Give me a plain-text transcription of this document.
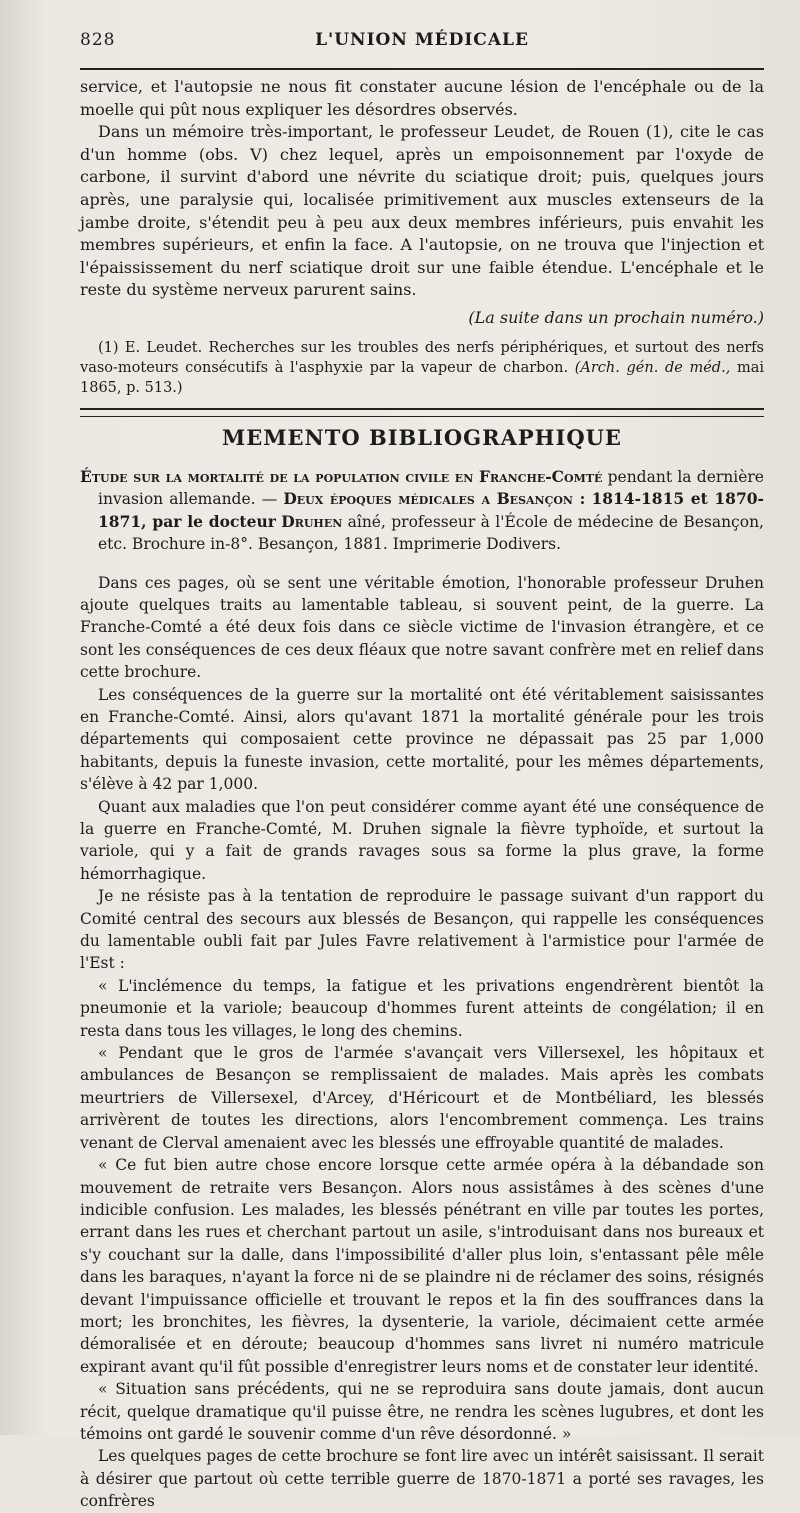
828	L'UNION MÉDICALE

service, et l'autopsie ne nous fit constater aucune lésion de l'encéphale ou de la moelle qui pût nous expliquer les désordres observés.

Dans un mémoire très-important, le professeur Leudet, de Rouen (1), cite le cas d'un homme (obs. V) chez lequel, après un empoisonnement par l'oxyde de carbone, il survint d'abord une névrite du sciatique droit; puis, quelques jours après, une paralysie qui, localisée primitivement aux muscles extenseurs de la jambe droite, s'étendit peu à peu aux deux membres inférieurs, puis envahit les membres supérieurs, et enfin la face. A l'autopsie, on ne trouva que l'injection et l'épaississement du nerf sciatique droit sur une faible étendue. L'encéphale et le reste du système nerveux parurent sains.

(La suite dans un prochain numéro.)

(1) E. Leudet. Recherches sur les troubles des nerfs périphériques, et surtout des nerfs vaso-moteurs consécutifs à l'asphyxie par la vapeur de charbon. (Arch. gén. de méd., mai 1865, p. 513.)

MEMENTO BIBLIOGRAPHIQUE

Étude sur la mortalité de la population civile en Franche-Comté pendant la dernière invasion allemande. — Deux époques médicales a Besançon : 1814-1815 et 1870-1871, par le docteur Druhen aîné, professeur à l'École de médecine de Besançon, etc. Brochure in-8°. Besançon, 1881. Imprimerie Dodivers.

Dans ces pages, où se sent une véritable émotion, l'honorable professeur Druhen ajoute quelques traits au lamentable tableau, si souvent peint, de la guerre. La Franche-Comté a été deux fois dans ce siècle victime de l'invasion étrangère, et ce sont les conséquences de ces deux fléaux que notre savant confrère met en relief dans cette brochure.

Les conséquences de la guerre sur la mortalité ont été véritablement saisissantes en Franche-Comté. Ainsi, alors qu'avant 1871 la mortalité générale pour les trois départements qui composaient cette province ne dépassait pas 25 par 1,000 habitants, depuis la funeste invasion, cette mortalité, pour les mêmes départements, s'élève à 42 par 1,000.

Quant aux maladies que l'on peut considérer comme ayant été une conséquence de la guerre en Franche-Comté, M. Druhen signale la fièvre typhoïde, et surtout la variole, qui y a fait de grands ravages sous sa forme la plus grave, la forme hémorrhagique.

Je ne résiste pas à la tentation de reproduire le passage suivant d'un rapport du Comité central des secours aux blessés de Besançon, qui rappelle les conséquences du lamentable oubli fait par Jules Favre relativement à l'armistice pour l'armée de l'Est :

« L'inclémence du temps, la fatigue et les privations engendrèrent bientôt la pneumonie et la variole; beaucoup d'hommes furent atteints de congélation; il en resta dans tous les villages, le long des chemins.

« Pendant que le gros de l'armée s'avançait vers Villersexel, les hôpitaux et ambulances de Besançon se remplissaient de malades. Mais après les combats meurtriers de Villersexel, d'Arcey, d'Héricourt et de Montbéliard, les blessés arrivèrent de toutes les directions, alors l'encombrement commença. Les trains venant de Clerval amenaient avec les blessés une effroyable quantité de malades.

« Ce fut bien autre chose encore lorsque cette armée opéra à la débandade son mouvement de retraite vers Besançon. Alors nous assistâmes à des scènes d'une indicible confusion. Les malades, les blessés pénétrant en ville par toutes les portes, errant dans les rues et cherchant partout un asile, s'introduisant dans nos bureaux et s'y couchant sur la dalle, dans l'impossibilité d'aller plus loin, s'entassant pêle mêle dans les baraques, n'ayant la force ni de se plaindre ni de réclamer des soins, résignés devant l'impuissance officielle et trouvant le repos et la fin des souffrances dans la mort; les bronchites, les fièvres, la dysenterie, la variole, décimaient cette armée démoralisée et en déroute; beaucoup d'hommes sans livret ni numéro matricule expirant avant qu'il fût possible d'enregistrer leurs noms et de constater leur identité.

« Situation sans précédents, qui ne se reproduira sans doute jamais, dont aucun récit, quelque dramatique qu'il puisse être, ne rendra les scènes lugubres, et dont les témoins ont gardé le souvenir comme d'un rêve désordonné. »

Les quelques pages de cette brochure se font lire avec un intérêt saisissant. Il serait à désirer que partout où cette terrible guerre de 1870-1871 a porté ses ravages, les confrères
